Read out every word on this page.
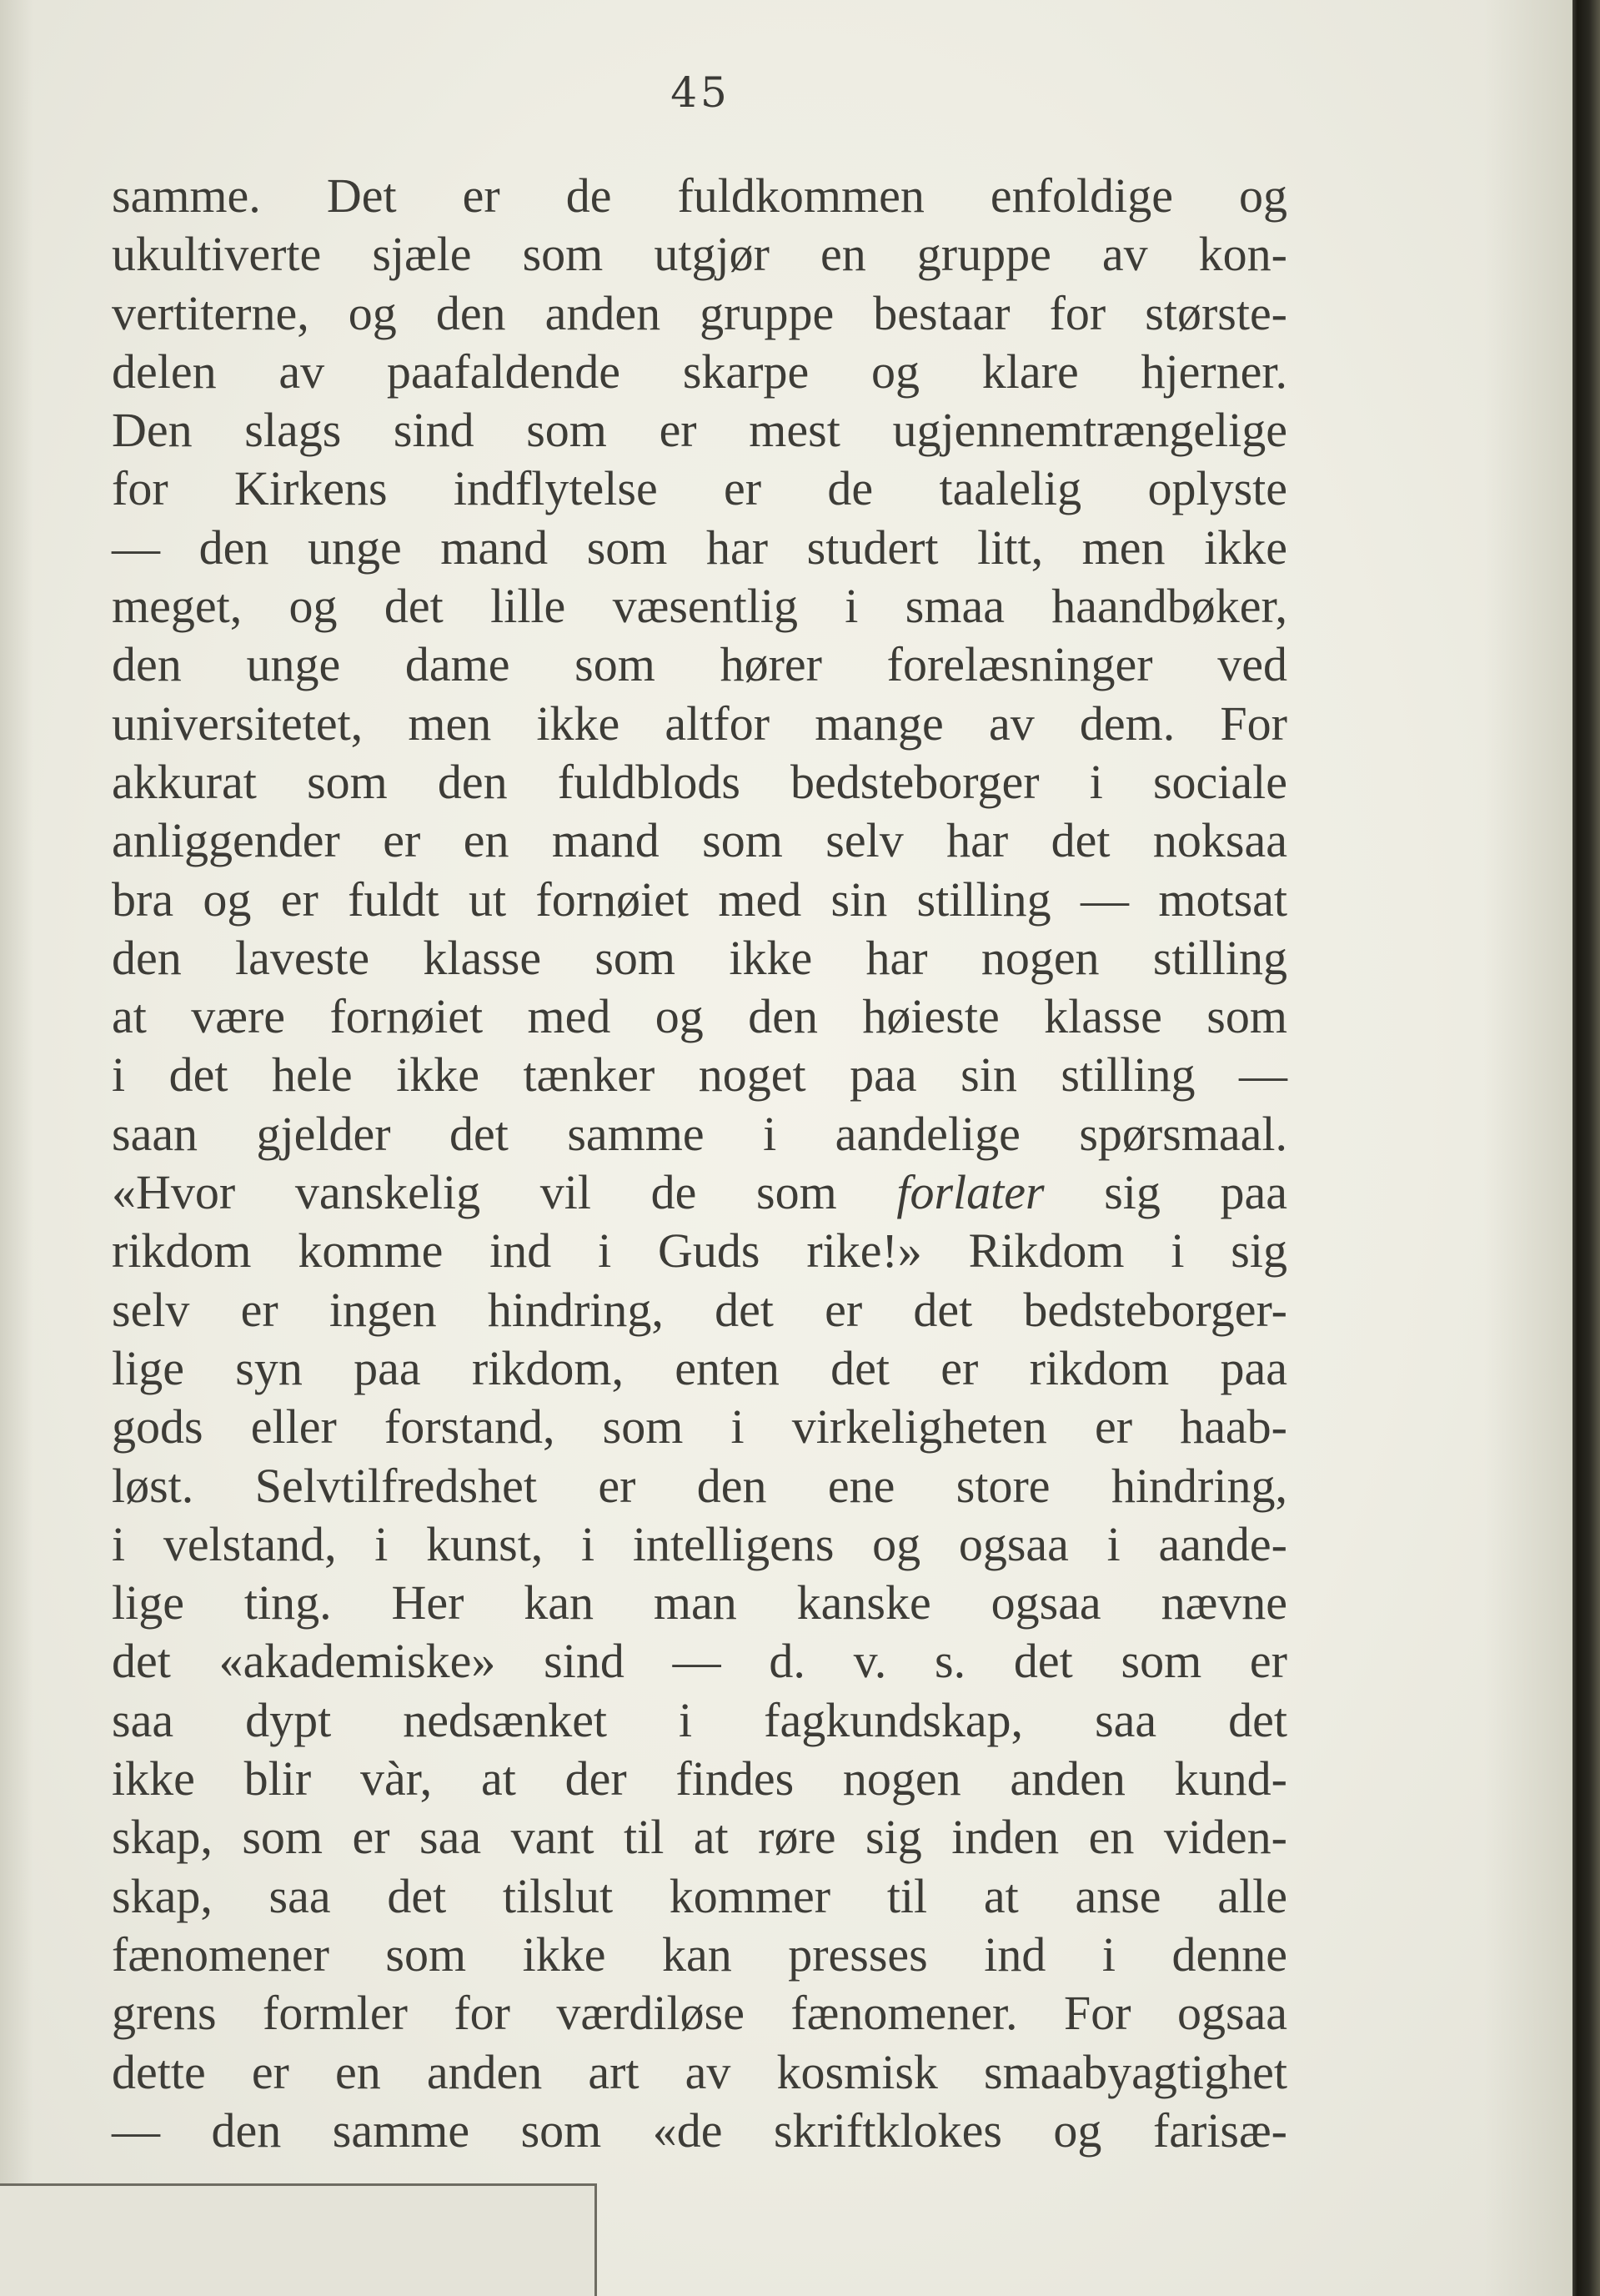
45

samme. Det er de fuldkommen enfoldige og
ukultiverte sjæle som utgjør en gruppe av kon-
vertiterne, og den anden gruppe bestaar for største-
delen av paafaldende skarpe og klare hjerner.
Den slags sind som er mest ugjennemtrængelige
for Kirkens indflytelse er de taalelig oplyste
— den unge mand som har studert litt, men ikke
meget, og det lille væsentlig i smaa haandbøker,
den unge dame som hører forelæsninger ved
universitetet, men ikke altfor mange av dem. For
akkurat som den fuldblods bedsteborger i sociale
anliggender er en mand som selv har det noksaa
bra og er fuldt ut fornøiet med sin stilling — motsat
den laveste klasse som ikke har nogen stilling
at være fornøiet med og den høieste klasse som
i det hele ikke tænker noget paa sin stilling —
saan gjelder det samme i aandelige spørsmaal.
«Hvor vanskelig vil de som forlater sig paa
rikdom komme ind i Guds rike!» Rikdom i sig
selv er ingen hindring, det er det bedsteborger-
lige syn paa rikdom, enten det er rikdom paa
gods eller forstand, som i virkeligheten er haab-
løst. Selvtilfredshet er den ene store hindring,
i velstand, i kunst, i intelligens og ogsaa i aande-
lige ting. Her kan man kanske ogsaa nævne
det «akademiske» sind — d. v. s. det som er
saa dypt nedsænket i fagkundskap, saa det
ikke blir vàr, at der findes nogen anden kund-
skap, som er saa vant til at røre sig inden en viden-
skap, saa det tilslut kommer til at anse alle
fænomener som ikke kan presses ind i denne
grens formler for værdiløse fænomener. For ogsaa
dette er en anden art av kosmisk smaabyagtighet
— den samme som «de skriftklokes og farisæ-
